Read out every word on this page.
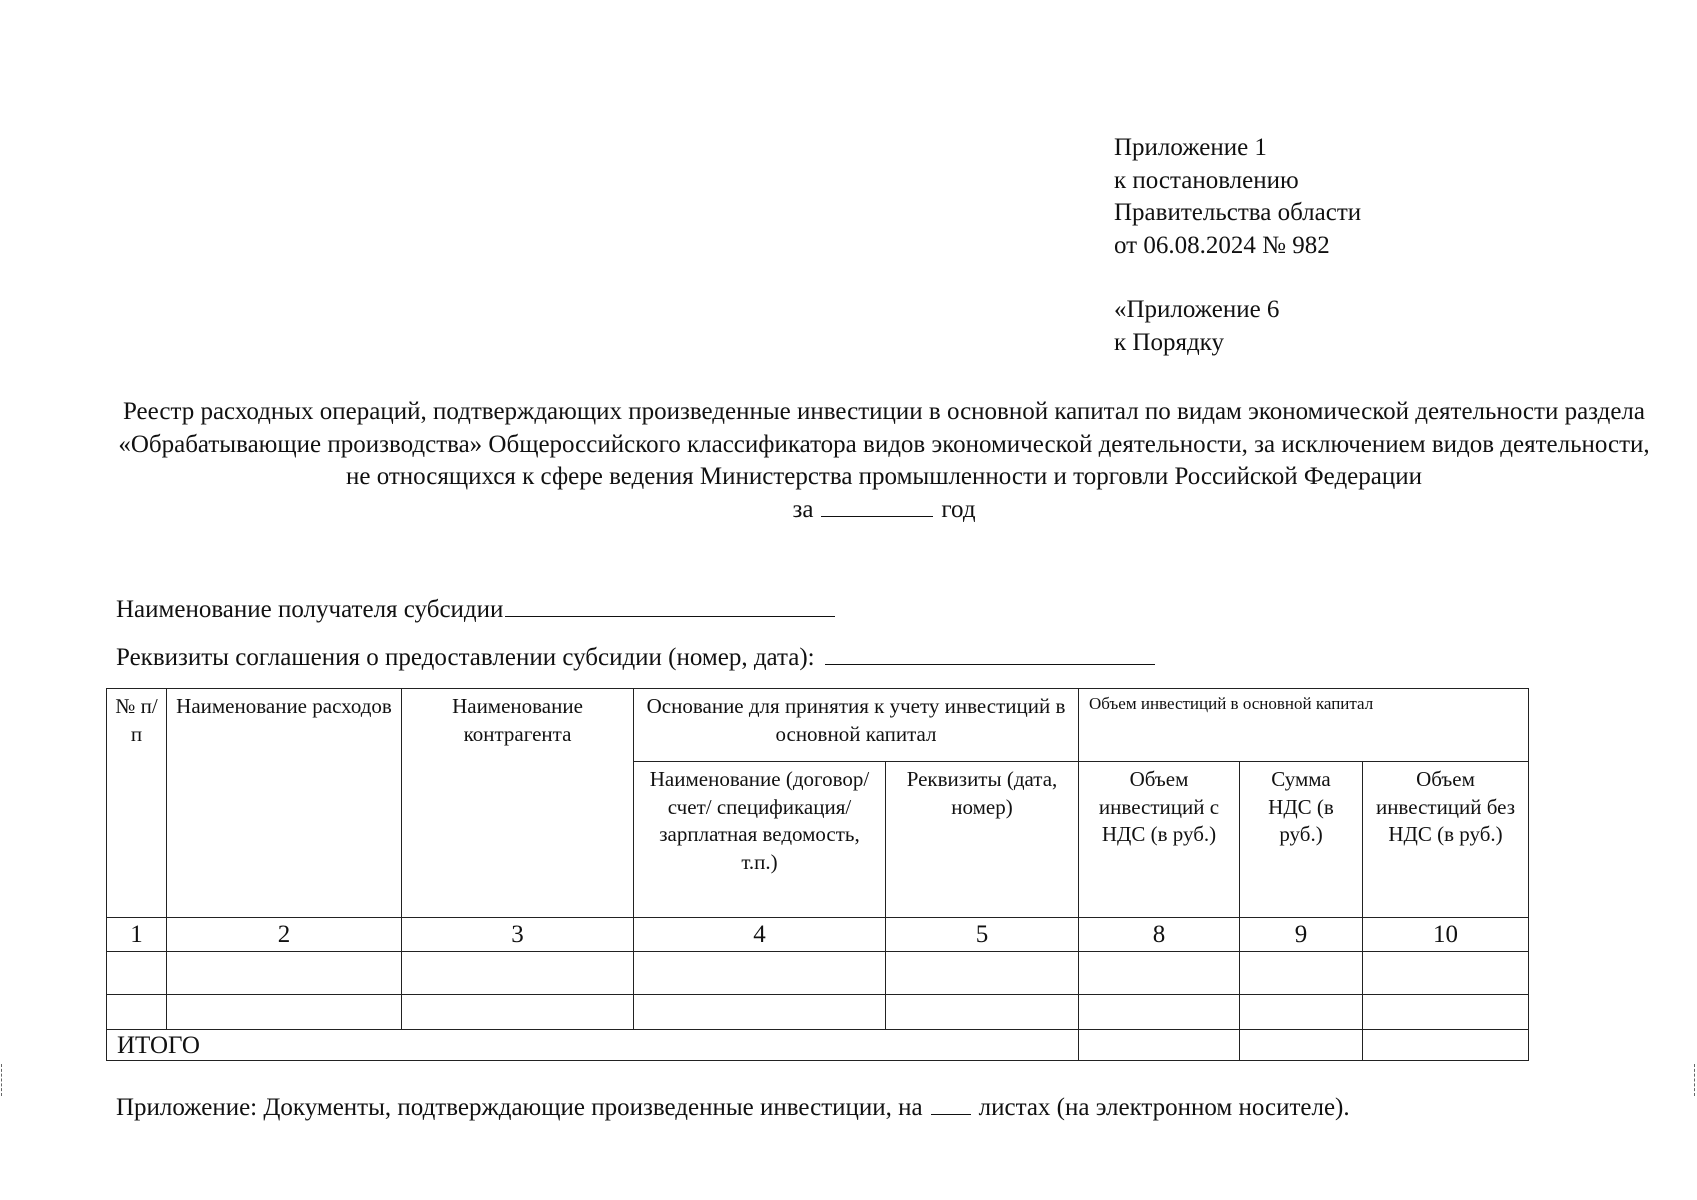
Приложение 1
к постановлению
Правительства области
от 06.08.2024 № 982
«Приложение 6
к Порядку
Реестр расходных операций, подтверждающих произведенные инвестиции в основной капитал по видам экономической деятельности раздела «Обрабатывающие производства» Общероссийского классификатора видов экономической деятельности, за исключением видов деятельности, не относящихся к сфере ведения Министерства промышленности и торговли Российской Федерации
за	год
Наименование получателя субсидии
Реквизиты соглашения о предоставлении субсидии (номер, дата):
№ п/п	Наименование расходов	Наименование контрагента	Основание для принятия к учету инвестиций в основной капитал		Объем инвестиций в основной капитал		
			Наименование (договор/счет/ спецификация/ зарплатная ведомость, т.п.)	Реквизиты (дата, номер)	Объем инвестиций с НДС (в руб.)	Сумма НДС (в руб.)	Объем инвестиций без НДС (в руб.)
1	2	3	4	5	8	9	10

ИТОГО							
Приложение: Документы, подтверждающие произведенные инвестиции, на листах (на электронном носителе).
